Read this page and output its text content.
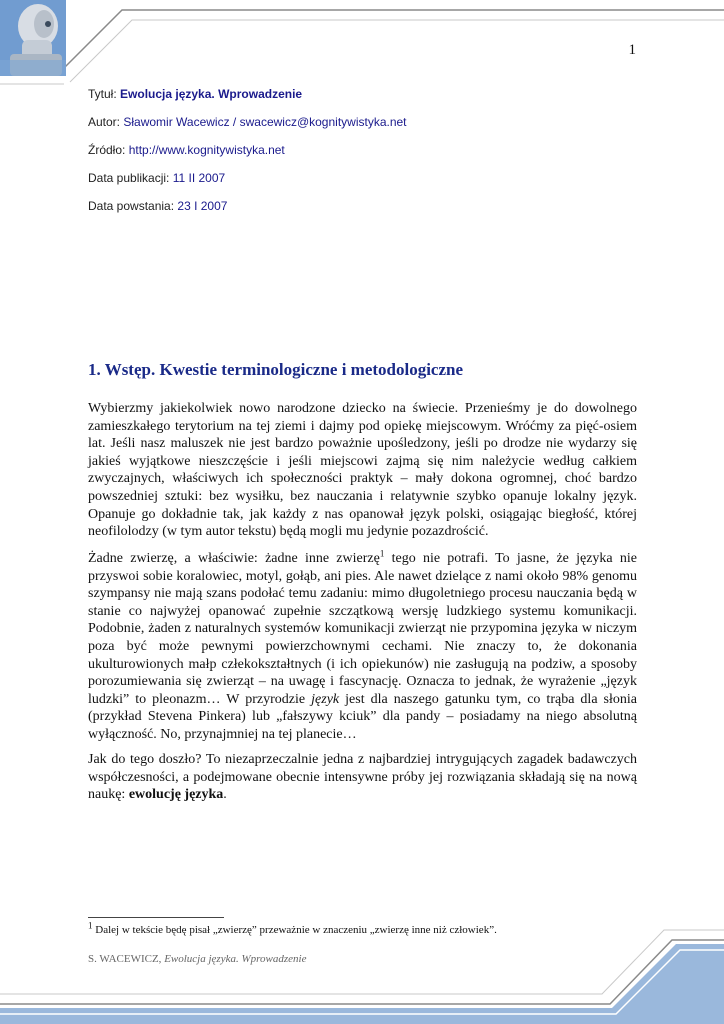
1
Tytuł: Ewolucja języka. Wprowadzenie
Autor: Sławomir Wacewicz / swacewicz@kognitywistyka.net
Źródło: http://www.kognitywistyka.net
Data publikacji: 11 II 2007
Data powstania: 23 I 2007
1. Wstęp. Kwestie terminologiczne i metodologiczne

Wybierzmy jakiekolwiek nowo narodzone dziecko na świecie. Przenieśmy je do dowolnego zamieszkałego terytorium na tej ziemi i dajmy pod opiekę miejscowym. Wróćmy za pięć-osiem lat. Jeśli nasz maluszek nie jest bardzo poważnie upośledzony, jeśli po drodze nie wydarzy się jakieś wyjątkowe nieszczęście i jeśli miejscowi zajmą się nim należycie według całkiem zwyczajnych, właściwych ich społeczności praktyk – mały dokona ogromnej, choć bardzo powszedniej sztuki: bez wysiłku, bez nauczania i relatywnie szybko opanuje lokalny język. Opanuje go dokładnie tak, jak każdy z nas opanował język polski, osiągając biegłość, której neofilolodzy (w tym autor tekstu) będą mogli mu jedynie pozazdrościć.

Żadne zwierzę, a właściwie: żadne inne zwierzę$^1$ tego nie potrafi. To jasne, że języka nie przyswoi sobie koralowiec, motyl, gołąb, ani pies. Ale nawet dzielące z nami około 98% genomu szympansy nie mają szans podołać temu zadaniu: mimo długoletniego procesu nauczania będą w stanie co najwyżej opanować zupełnie szczątkową wersję ludzkiego systemu komunikacji. Podobnie, żaden z naturalnych systemów komunikacji zwierząt nie przypomina języka w niczym poza być może pewnymi powierzchownymi cechami. Nie znaczy to, że dokonania ukulturowionych małp człekokształtnych (i ich opiekunów) nie zasługują na podziw, a sposoby porozumiewania się zwierząt – na uwagę i fascynację. Oznacza to jednak, że wyrażenie „język ludzki” to pleonazm… W przyrodzie język jest dla naszego gatunku tym, co trąba dla słonia (przykład Stevena Pinkera) lub „fałszywy kciuk” dla pandy – posiadamy na niego absolutną wyłączność. No, przynajmniej na tej planecie…

Jak do tego doszło? To niezaprzeczalnie jedna z najbardziej intrygujących zagadek badawczych współczesności, a podejmowane obecnie intensywne próby jej rozwiązania składają się na nową naukę: ewolucję języka.

$^1$ Dalej w tekście będę pisał „zwierzę” przeważnie w znaczeniu „zwierzę inne niż człowiek”.
S. WACEWICZ, Ewolucja języka. Wprowadzenie
